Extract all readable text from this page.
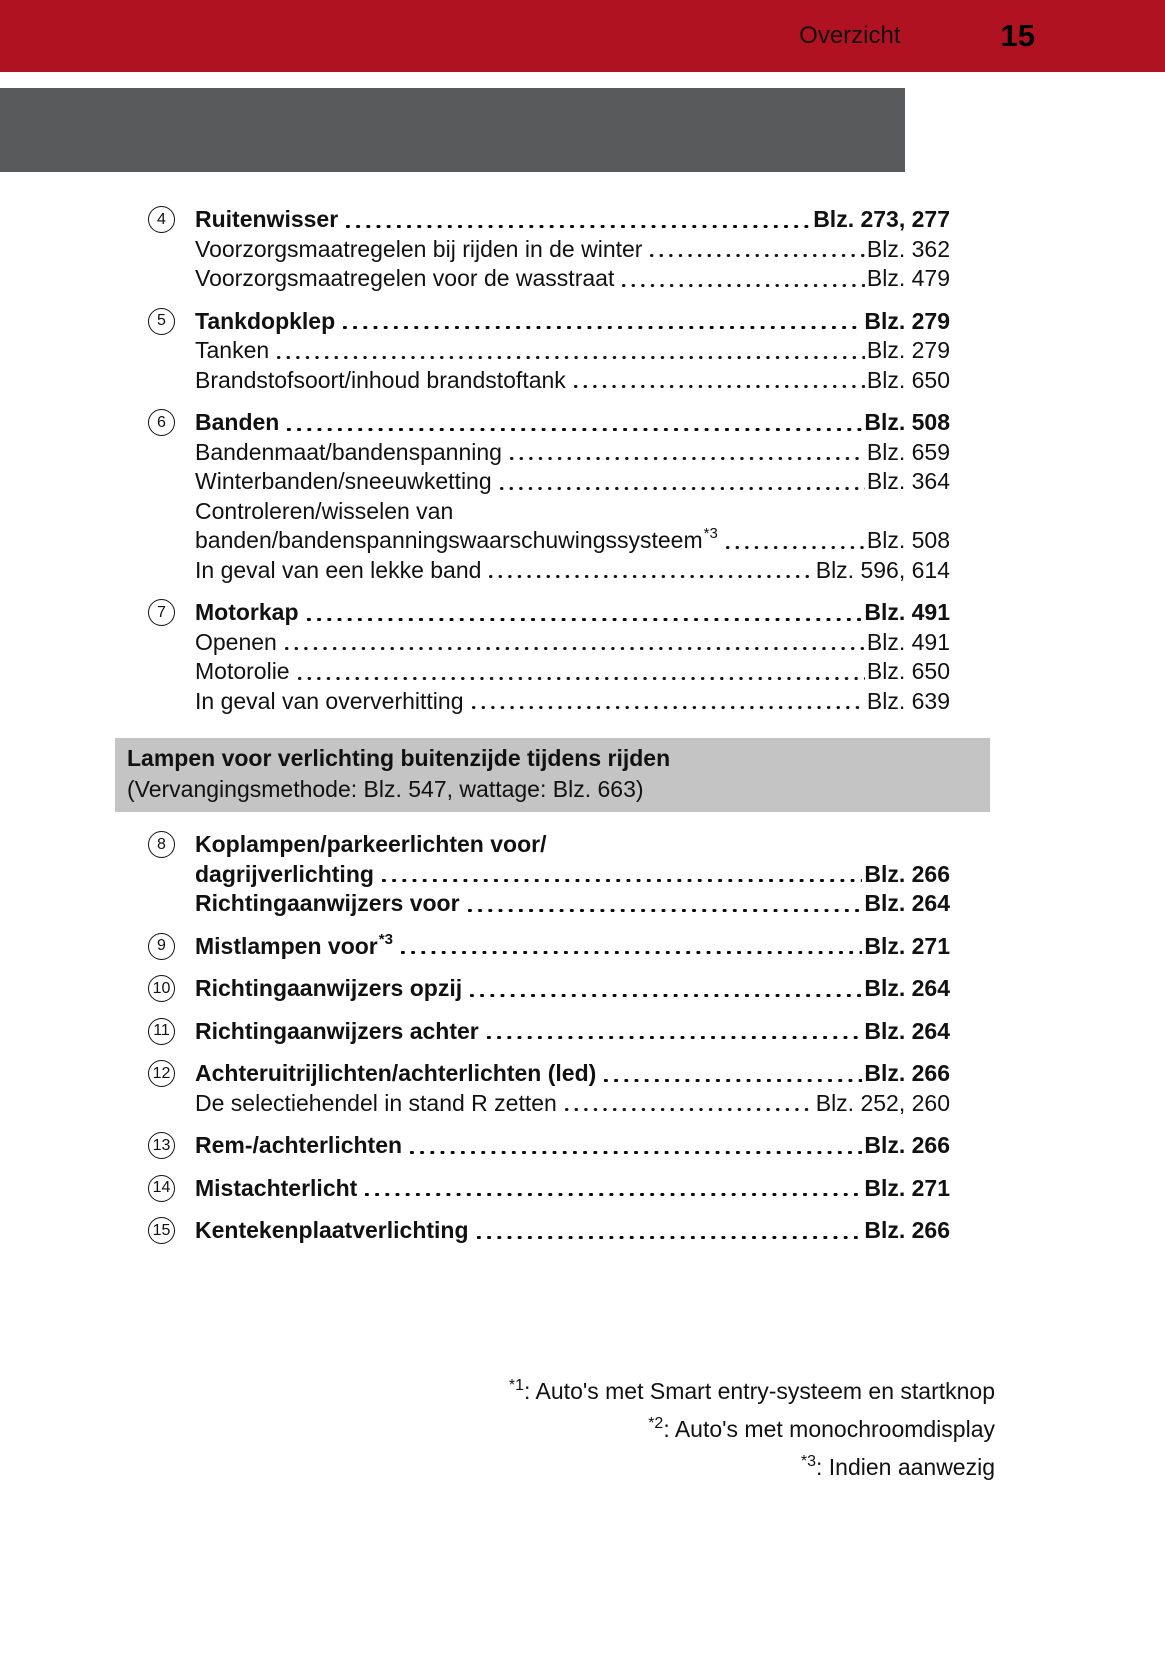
Overzicht	15
4	Ruitenwisser	Blz. 273, 277
Voorzorgsmaatregelen bij rijden in de winter	Blz. 362
Voorzorgsmaatregelen voor de wasstraat	Blz. 479
5	Tankdopklep	Blz. 279
Tanken	Blz. 279
Brandstofsoort/inhoud brandstoftank	Blz. 650
6	Banden	Blz. 508
Bandenmaat/bandenspanning	Blz. 659
Winterbanden/sneeuwketting	Blz. 364
Controleren/wisselen van
banden/bandenspanningswaarschuwingssysteem *3	Blz. 508
In geval van een lekke band	Blz. 596, 614
7	Motorkap	Blz. 491
Openen	Blz. 491
Motorolie	Blz. 650
In geval van oververhitting	Blz. 639
Lampen voor verlichting buitenzijde tijdens rijden
(Vervangingsmethode: Blz. 547, wattage: Blz. 663)
8	Koplampen/parkeerlichten voor/
dagrijverlichting	Blz. 266
Richtingaanwijzers voor	Blz. 264
9	Mistlampen voor *3	Blz. 271
10	Richtingaanwijzers opzij	Blz. 264
11	Richtingaanwijzers achter	Blz. 264
12	Achteruitrijlichten/achterlichten (led)	Blz. 266
De selectiehendel in stand R zetten	Blz. 252, 260
13	Rem-/achterlichten	Blz. 266
14	Mistachterlicht	Blz. 271
15	Kentekenplaatverlichting	Blz. 266
$^{*1}$: Auto's met Smart entry-systeem en startknop
$^{*2}$: Auto's met monochroomdisplay
$^{*3}$: Indien aanwezig
